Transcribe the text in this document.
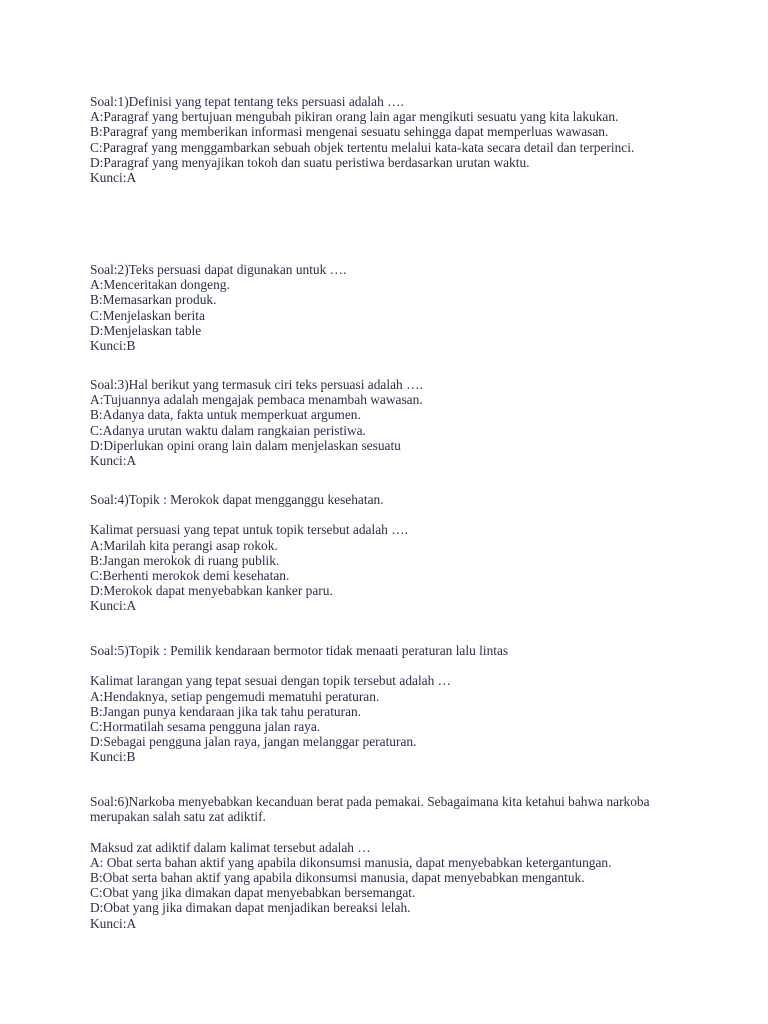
Soal:1)Definisi yang tepat tentang teks persuasi adalah ….
A:Paragraf yang bertujuan mengubah pikiran orang lain agar mengikuti sesuatu yang kita lakukan.
B:Paragraf yang memberikan informasi mengenai sesuatu sehingga dapat memperluas wawasan.
C:Paragraf yang menggambarkan sebuah objek tertentu melalui kata-kata secara detail dan terperinci.
D:Paragraf yang menyajikan tokoh dan suatu peristiwa berdasarkan urutan waktu.
Kunci:A
Soal:2)Teks persuasi dapat digunakan untuk ….
A:Menceritakan dongeng.
B:Memasarkan produk.
C:Menjelaskan berita
D:Menjelaskan table
Kunci:B
Soal:3)Hal berikut yang termasuk ciri teks persuasi adalah ….
A:Tujuannya adalah mengajak pembaca menambah wawasan.
B:Adanya data, fakta untuk memperkuat argumen.
C:Adanya urutan waktu dalam rangkaian peristiwa.
D:Diperlukan opini orang lain dalam menjelaskan sesuatu
Kunci:A
Soal:4)Topik : Merokok dapat mengganggu kesehatan.
Kalimat persuasi yang tepat untuk topik tersebut adalah ….
A:Marilah kita perangi asap rokok.
B:Jangan merokok di ruang publik.
C:Berhenti merokok demi kesehatan.
D:Merokok dapat menyebabkan kanker paru.
Kunci:A
Soal:5)Topik : Pemilik kendaraan bermotor tidak menaati peraturan lalu lintas
Kalimat larangan yang tepat sesuai dengan topik tersebut adalah …
A:Hendaknya, setiap pengemudi mematuhi peraturan.
B:Jangan punya kendaraan jika tak tahu peraturan.
C:Hormatilah sesama pengguna jalan raya.
D:Sebagai pengguna jalan raya, jangan melanggar peraturan.
Kunci:B
Soal:6)Narkoba menyebabkan kecanduan berat pada pemakai. Sebagaimana kita ketahui bahwa narkoba merupakan salah satu zat adiktif.
Maksud zat adiktif dalam kalimat tersebut adalah …
A: Obat serta bahan aktif yang apabila dikonsumsi manusia, dapat menyebabkan ketergantungan.
B:Obat serta bahan aktif yang apabila dikonsumsi manusia, dapat menyebabkan mengantuk.
C:Obat yang jika dimakan dapat menyebabkan bersemangat.
D:Obat yang jika dimakan dapat menjadikan bereaksi lelah.
Kunci:A
